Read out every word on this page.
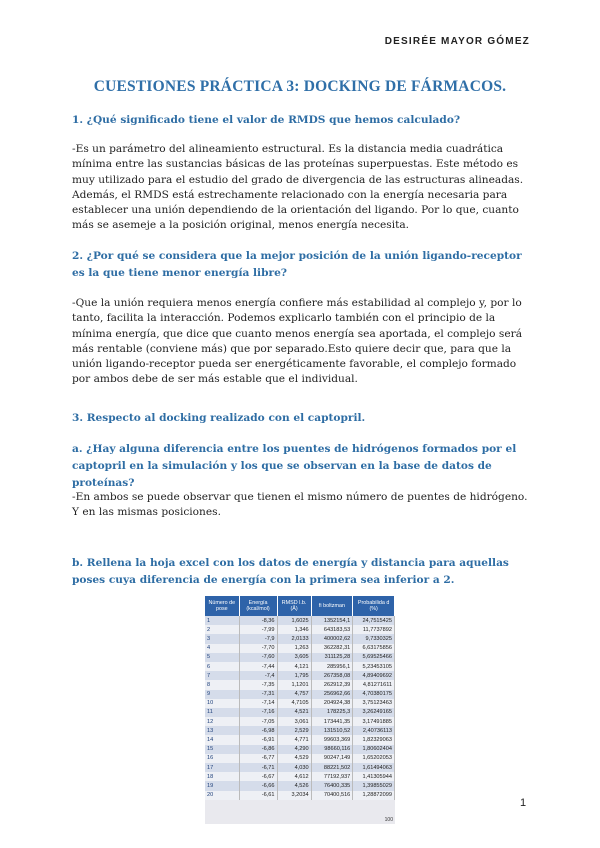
DESIRÉE MAYOR GÓMEZ
CUESTIONES PRÁCTICA 3: DOCKING DE FÁRMACOS.
1. ¿Qué significado tiene el valor de RMDS que hemos calculado?
-Es un parámetro del alineamiento estructural. Es la distancia media cuadrática mínima entre las sustancias básicas de las proteínas superpuestas. Este método es muy utilizado para el estudio del grado de divergencia de las estructuras alineadas. Además, el RMDS está estrechamente relacionado con la energía necesaria para establecer una unión dependiendo de la orientación del ligando. Por lo que, cuanto más se asemeje a la posición original, menos energía necesita.
2. ¿Por qué se considera que la mejor posición de la unión ligando-receptor es la que tiene menor energía libre?
-Que la unión requiera menos energía confiere más estabilidad al complejo y, por lo tanto, facilita la interacción. Podemos explicarlo también con el principio de la mínima energía, que dice que cuanto menos energía sea aportada, el complejo será más rentable (conviene más) que por separado.Esto quiere decir que, para que la unión ligando-receptor pueda ser energéticamente favorable, el complejo formado por ambos debe de ser más estable que el individual.
3. Respecto al docking realizado con el captopril.
a. ¿Hay alguna diferencia entre los puentes de hidrógenos formados por el captopril en la simulación y los que se observan en la base de datos de proteínas?
-En ambos se puede observar que tienen el mismo número de puentes de hidrógeno. Y en las mismas posiciones.
b. Rellena la hoja excel con los datos de energía y distancia para aquellas poses cuya diferencia de energía con la primera sea inferior a 2.
Número de pose	Energía (kcal/mol)	RMSD l.b. (Å)	fi boltzman	Probabilida d (%)
1	-8,36	1,6025	1352154,1	24,7515425
2	-7,99	1,346	643183,53	11,7737892
3	-7,9	2,0133	400002,62	9,7330325
4	-7,70	1,263	362282,31	6,63175856
5	-7,60	3,605	311125,28	5,69525466
6	-7,44	4,121	285956,1	5,23453105
7	-7,4	1,795	267358,08	4,89409692
8	-7,35	1,1201	262912,39	4,81271611
9	-7,31	4,757	256962,66	4,70380175
10	-7,14	4,7105	204924,38	3,75123463
11	-7,16	4,521	178225,3	3,26249165
12	-7,05	3,061	173441,35	3,17491885
13	-6,98	2,529	131510,52	2,40736113
14	-6,91	4,771	99603,369	1,82329063
15	-6,86	4,290	98660,116	1,80602404
16	-6,77	4,529	90247,149	1,65202053
17	-6,71	4,030	88221,502	1,61494063
18	-6,67	4,612	77192,937	1,41305944
19	-6,66	4,526	76400,335	1,39855029
20	-6,61	3,2034	70400,516	1,28872099
100
1
